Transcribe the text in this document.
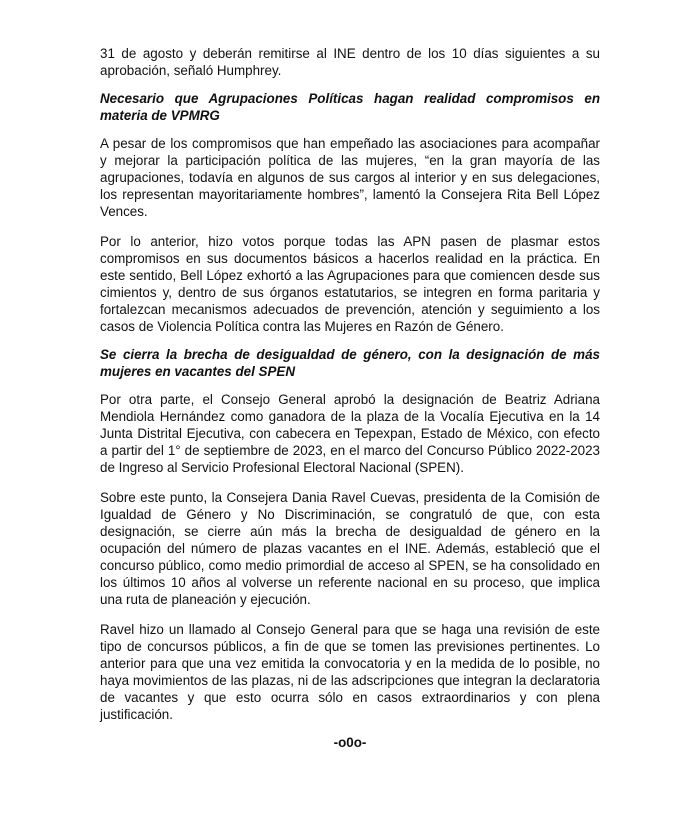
31 de agosto y deberán remitirse al INE dentro de los 10 días siguientes a su aprobación, señaló Humphrey.

Necesario que Agrupaciones Políticas hagan realidad compromisos en materia de VPMRG

A pesar de los compromisos que han empeñado las asociaciones para acompañar y mejorar la participación política de las mujeres, “en la gran mayoría de las agrupaciones, todavía en algunos de sus cargos al interior y en sus delegaciones, los representan mayoritariamente hombres”, lamentó la Consejera Rita Bell López Vences.

Por lo anterior, hizo votos porque todas las APN pasen de plasmar estos compromisos en sus documentos básicos a hacerlos realidad en la práctica. En este sentido, Bell López exhortó a las Agrupaciones para que comiencen desde sus cimientos y, dentro de sus órganos estatutarios, se integren en forma paritaria y fortalezcan mecanismos adecuados de prevención, atención y seguimiento a los casos de Violencia Política contra las Mujeres en Razón de Género.

Se cierra la brecha de desigualdad de género, con la designación de más mujeres en vacantes del SPEN

Por otra parte, el Consejo General aprobó la designación de Beatriz Adriana Mendiola Hernández como ganadora de la plaza de la Vocalía Ejecutiva en la 14 Junta Distrital Ejecutiva, con cabecera en Tepexpan, Estado de México, con efecto a partir del 1° de septiembre de 2023, en el marco del Concurso Público 2022-2023 de Ingreso al Servicio Profesional Electoral Nacional (SPEN).

Sobre este punto, la Consejera Dania Ravel Cuevas, presidenta de la Comisión de Igualdad de Género y No Discriminación, se congratuló de que, con esta designación, se cierre aún más la brecha de desigualdad de género en la ocupación del número de plazas vacantes en el INE. Además, estableció que el concurso público, como medio primordial de acceso al SPEN, se ha consolidado en los últimos 10 años al volverse un referente nacional en su proceso, que implica una ruta de planeación y ejecución.

Ravel hizo un llamado al Consejo General para que se haga una revisión de este tipo de concursos públicos, a fin de que se tomen las previsiones pertinentes. Lo anterior para que una vez emitida la convocatoria y en la medida de lo posible, no haya movimientos de las plazas, ni de las adscripciones que integran la declaratoria de vacantes y que esto ocurra sólo en casos extraordinarios y con plena justificación.

-o0o-
